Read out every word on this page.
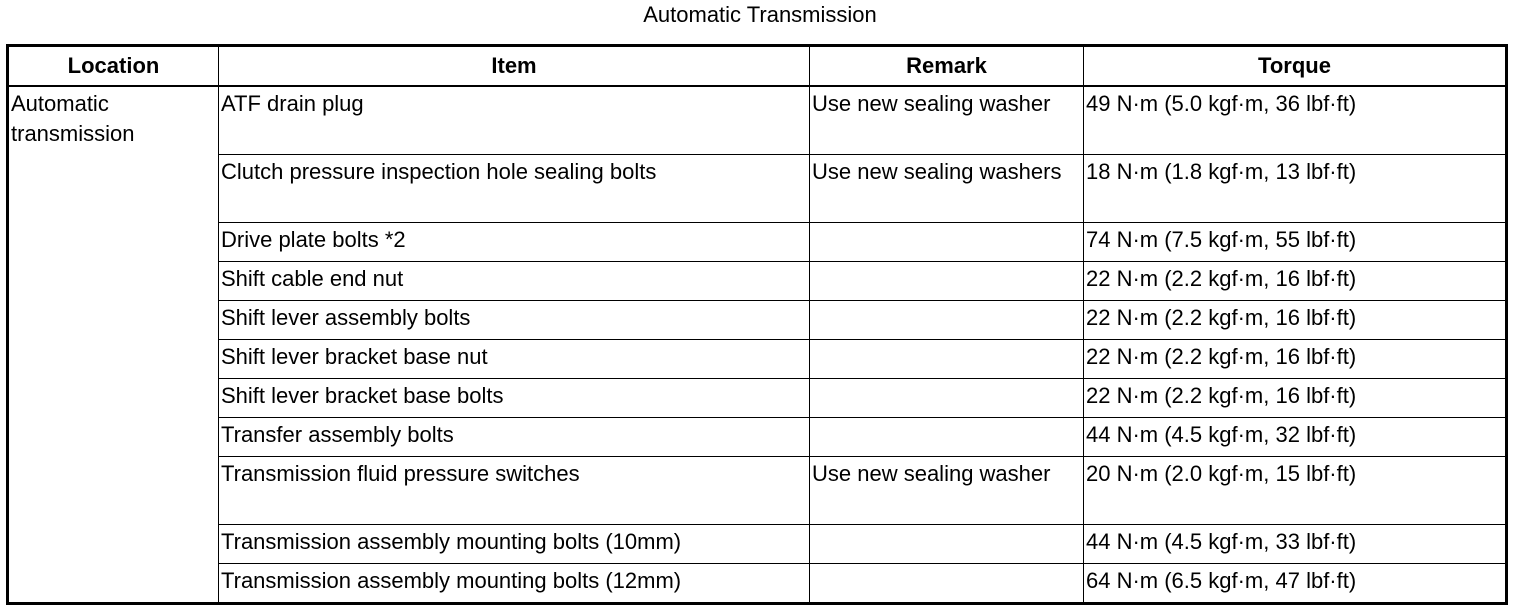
Automatic Transmission
Location	Item	Remark	Torque
Automatic transmission	ATF drain plug	Use new sealing washer	49 N·m (5.0 kgf·m, 36 lbf·ft)
	Clutch pressure inspection hole sealing bolts	Use new sealing washers	18 N·m (1.8 kgf·m, 13 lbf·ft)
	Drive plate bolts *2		74 N·m (7.5 kgf·m, 55 lbf·ft)
	Shift cable end nut		22 N·m (2.2 kgf·m, 16 lbf·ft)
	Shift lever assembly bolts		22 N·m (2.2 kgf·m, 16 lbf·ft)
	Shift lever bracket base nut		22 N·m (2.2 kgf·m, 16 lbf·ft)
	Shift lever bracket base bolts		22 N·m (2.2 kgf·m, 16 lbf·ft)
	Transfer assembly bolts		44 N·m (4.5 kgf·m, 32 lbf·ft)
	Transmission fluid pressure switches	Use new sealing washer	20 N·m (2.0 kgf·m, 15 lbf·ft)
	Transmission assembly mounting bolts (10mm)		44 N·m (4.5 kgf·m, 33 lbf·ft)
	Transmission assembly mounting bolts (12mm)		64 N·m (6.5 kgf·m, 47 lbf·ft)
